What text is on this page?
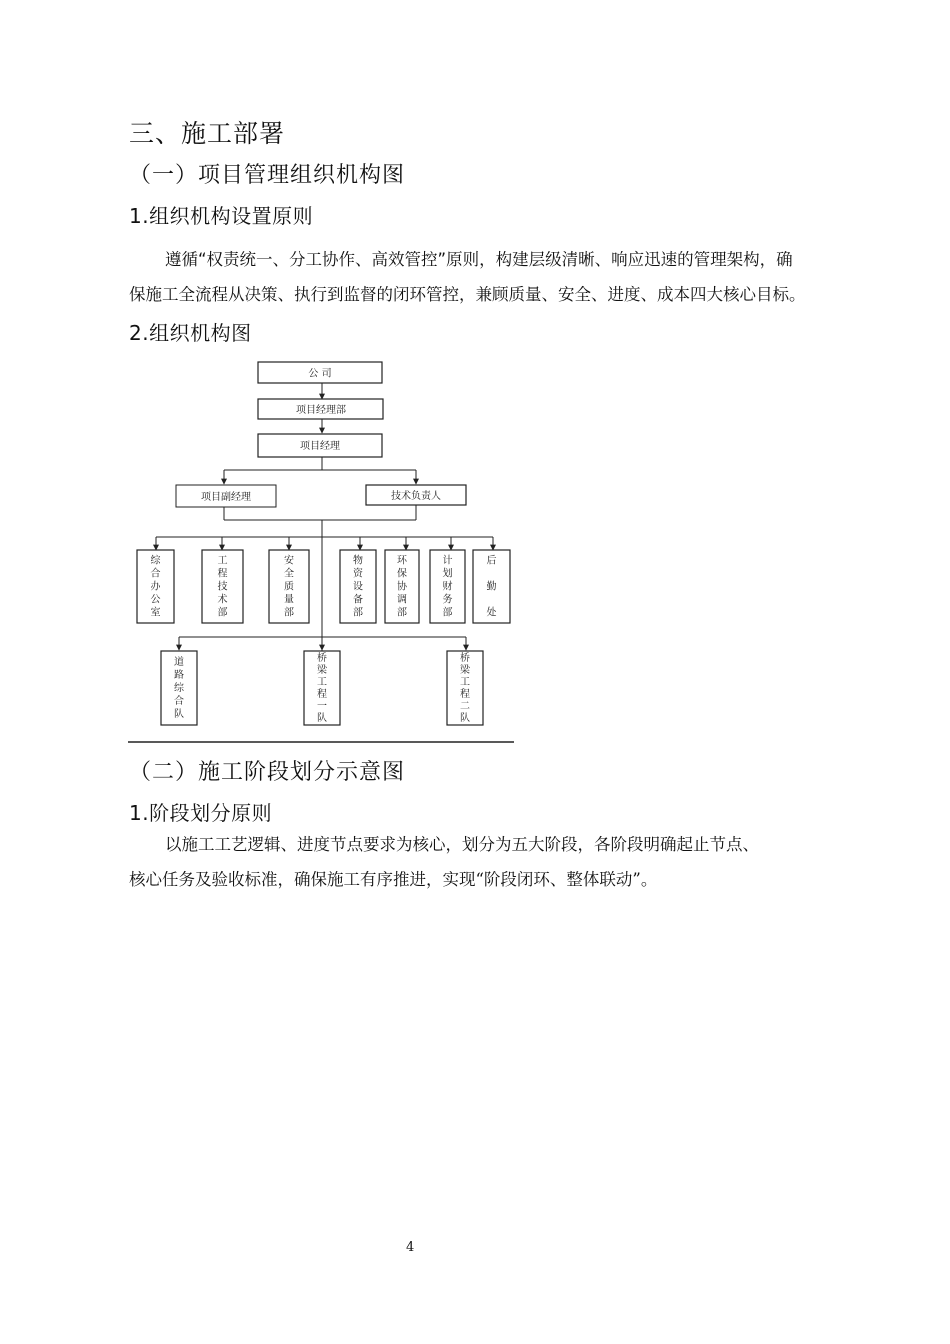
三、施工部署
（一）项目管理组织机构图
1.组织机构设置原则
遵循“权责统一、分工协作、高效管控”原则，构建层级清晰、响应迅速的管理架构，确
保施工全流程从决策、执行到监督的闭环管控，兼顾质量、安全、进度、成本四大核心目标。
2.组织机构图
公 司
项目经理部
项目经理
项目副经理	技术负责人
综合办公室
工程技术部
安全质量部
物资设备部
环保协调部
计划财务部
后勤处
道路综合队
桥梁工程一队
桥梁工程二队
（二）施工阶段划分示意图
1.阶段划分原则
以施工工艺逻辑、进度节点要求为核心，划分为五大阶段，各阶段明确起止节点、
核心任务及验收标准，确保施工有序推进，实现“阶段闭环、整体联动”。
4
